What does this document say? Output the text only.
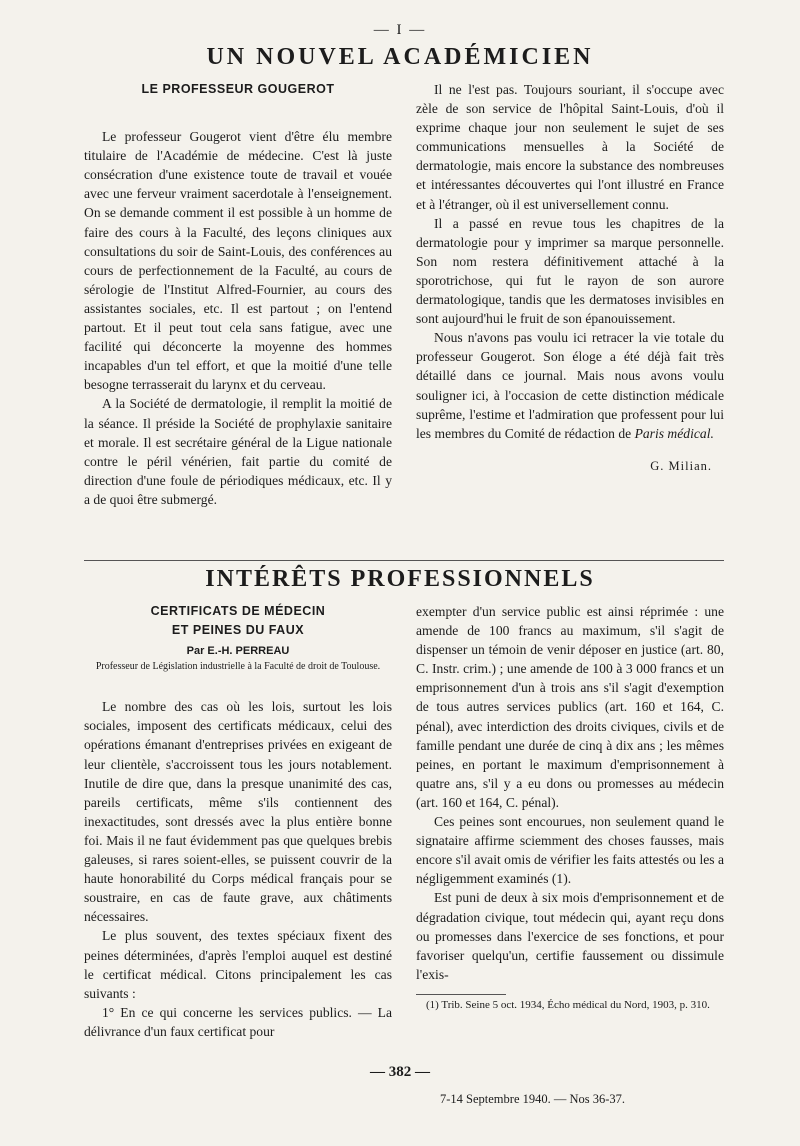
— I —
UN NOUVEL ACADÉMICIEN
LE PROFESSEUR GOUGEROT

Le professeur Gougerot vient d'être élu membre titulaire de l'Académie de médecine. C'est là juste consécration d'une existence toute de travail et vouée avec une ferveur vraiment sacerdotale à l'enseignement. On se demande comment il est possible à un homme de faire des cours à la Faculté, des leçons cliniques aux consultations du soir de Saint-Louis, des conférences au cours de perfectionnement de la Faculté, au cours de sérologie de l'Institut Alfred-Fournier, au cours des assistantes sociales, etc. Il est partout ; on l'entend partout. Et il peut tout cela sans fatigue, avec une facilité qui déconcerte la moyenne des hommes incapables d'un tel effort, et que la moitié d'une telle besogne terrasserait du larynx et du cerveau.

A la Société de dermatologie, il remplit la moitié de la séance. Il préside la Société de prophylaxie sanitaire et morale. Il est secrétaire général de la Ligue nationale contre le péril vénérien, fait partie du comité de direction d'une foule de périodiques médicaux, etc. Il y a de quoi être submergé.

Il ne l'est pas. Toujours souriant, il s'occupe avec zèle de son service de l'hôpital Saint-Louis, d'où il exprime chaque jour non seulement le sujet de ses communications mensuelles à la Société de dermatologie, mais encore la substance des nombreuses et intéressantes découvertes qui l'ont illustré en France et à l'étranger, où il est universellement connu.

Il a passé en revue tous les chapitres de la dermatologie pour y imprimer sa marque personnelle. Son nom restera définitivement attaché à la sporotrichose, qui fut le rayon de son aurore dermatologique, tandis que les dermatoses invisibles en sont aujourd'hui le fruit de son épanouissement.

Nous n'avons pas voulu ici retracer la vie totale du professeur Gougerot. Son éloge a été déjà fait très détaillé dans ce journal. Mais nous avons voulu souligner ici, à l'occasion de cette distinction médicale suprême, l'estime et l'admiration que professent pour lui les membres du Comité de rédaction de Paris médical.

G. Milian.
INTÉRÊTS PROFESSIONNELS
CERTIFICATS DE MÉDECIN
ET PEINES DU FAUX
Par E.-H. PERREAU
Professeur de Législation industrielle à la Faculté de droit de Toulouse.

Le nombre des cas où les lois, surtout les lois sociales, imposent des certificats médicaux, celui des opérations émanant d'entreprises privées en exigeant de leur clientèle, s'accroissent tous les jours notablement. Inutile de dire que, dans la presque unanimité des cas, pareils certificats, même s'ils contiennent des inexactitudes, sont dressés avec la plus entière bonne foi. Mais il ne faut évidemment pas que quelques brebis galeuses, si rares soient-elles, se puissent couvrir de la haute honorabilité du Corps médical français pour se soustraire, en cas de faute grave, aux châtiments nécessaires.

Le plus souvent, des textes spéciaux fixent des peines déterminées, d'après l'emploi auquel est destiné le certificat médical. Citons principalement les cas suivants :

1° En ce qui concerne les services publics. — La délivrance d'un faux certificat pour

exempter d'un service public est ainsi réprimée : une amende de 100 francs au maximum, s'il s'agit de dispenser un témoin de venir déposer en justice (art. 80, C. Instr. crim.) ; une amende de 100 à 3 000 francs et un emprisonnement d'un à trois ans s'il s'agit d'exemption de tous autres services publics (art. 160 et 164, C. pénal), avec interdiction des droits civiques, civils et de famille pendant une durée de cinq à dix ans ; les mêmes peines, en portant le maximum d'emprisonnement à quatre ans, s'il y a eu dons ou promesses au médecin (art. 160 et 164, C. pénal).

Ces peines sont encourues, non seulement quand le signataire affirme sciemment des choses fausses, mais encore s'il avait omis de vérifier les faits attestés ou les a négligemment examinés (1).

Est puni de deux à six mois d'emprisonnement et de dégradation civique, tout médecin qui, ayant reçu dons ou promesses dans l'exercice de ses fonctions, et pour favoriser quelqu'un, certifie faussement ou dissimule l'exis-

(1) Trib. Seine 5 oct. 1934, Écho médical du Nord, 1903, p. 310.
— 382 —
7-14 Septembre 1940. — Nos 36-37.
